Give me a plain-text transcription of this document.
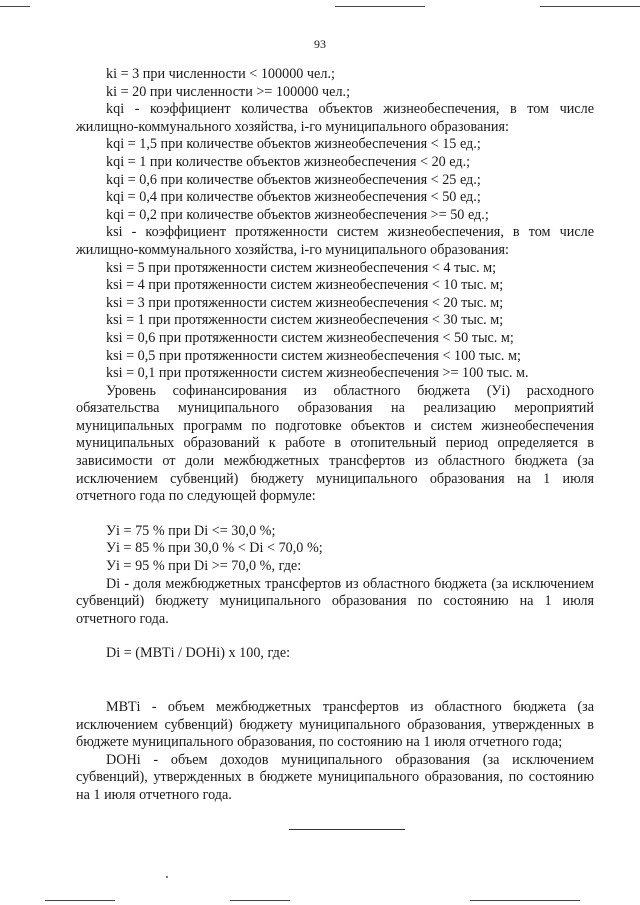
93

ki = 3 при численности < 100000 чел.;

ki = 20 при численности >= 100000 чел.;

kqi - коэффициент количества объектов жизнеобеспечения, в том числе жилищно-коммунального хозяйства, i-го муниципального образования:

kqi = 1,5 при количестве объектов жизнеобеспечения < 15 ед.;

kqi = 1 при количестве объектов жизнеобеспечения < 20 ед.;

kqi = 0,6 при количестве объектов жизнеобеспечения < 25 ед.;

kqi = 0,4 при количестве объектов жизнеобеспечения < 50 ед.;

kqi = 0,2 при количестве объектов жизнеобеспечения >= 50 ед.;

ksi - коэффициент протяженности систем жизнеобеспечения, в том числе жилищно-коммунального хозяйства, i-го муниципального образования:

ksi = 5 при протяженности систем жизнеобеспечения < 4 тыс. м;

ksi = 4 при протяженности систем жизнеобеспечения < 10 тыс. м;

ksi = 3 при протяженности систем жизнеобеспечения < 20 тыс. м;

ksi = 1 при протяженности систем жизнеобеспечения < 30 тыс. м;

ksi = 0,6 при протяженности систем жизнеобеспечения < 50 тыс. м;

ksi = 0,5 при протяженности систем жизнеобеспечения < 100 тыс. м;

ksi = 0,1 при протяженности систем жизнеобеспечения >= 100 тыс. м.

Уровень софинансирования из областного бюджета (Уi) расходного обязательства муниципального образования на реализацию мероприятий муниципальных программ по подготовке объектов и систем жизнеобеспечения муниципальных образований к работе в отопительный период определяется в зависимости от доли межбюджетных трансфертов из областного бюджета (за исключением субвенций) бюджету муниципального образования на 1 июля отчетного года по следующей формуле:

Уi = 75 % при Di <= 30,0 %;

Уi = 85 % при 30,0 % < Di < 70,0 %;

Уi = 95 % при Di >= 70,0 %, где:

Di - доля межбюджетных трансфертов из областного бюджета (за исключением субвенций) бюджету муниципального образования по состоянию на 1 июля отчетного года.

Di = (МВТi / DОНi) х 100, где:

МВТi - объем межбюджетных трансфертов из областного бюджета (за исключением субвенций) бюджету муниципального образования, утвержденных в бюджете муниципального образования, по состоянию на 1 июля отчетного года;

DОНi - объем доходов муниципального образования (за исключением субвенций), утвержденных в бюджете муниципального образования, по состоянию на 1 июля отчетного года.
